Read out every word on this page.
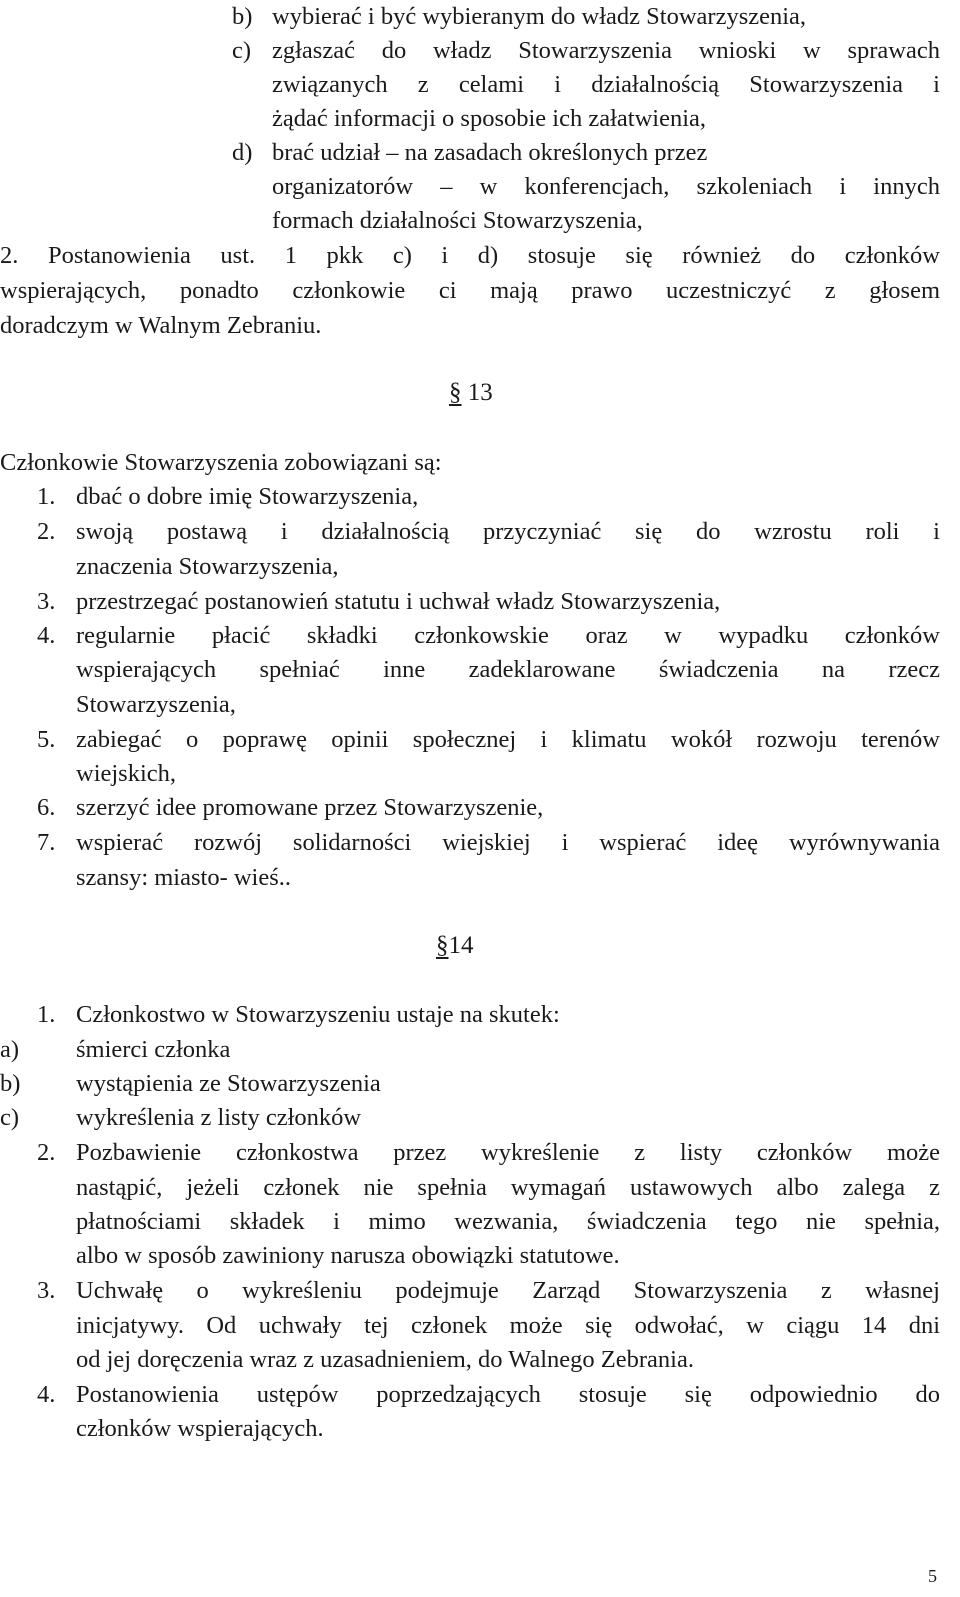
b) wybierać i być wybieranym do władz Stowarzyszenia,
c) zgłaszać do władz Stowarzyszenia wnioski w sprawach
związanych z celami i działalnością Stowarzyszenia i
żądać informacji o sposobie ich załatwienia,
d) brać udział – na zasadach określonych przez
organizatorów – w konferencjach, szkoleniach i innych
formach działalności Stowarzyszenia,
2. Postanowienia ust. 1 pkk c) i d) stosuje się również do członków
wspierających, ponadto członkowie ci mają prawo uczestniczyć z głosem
doradczym w Walnym Zebraniu.
§ 13
Członkowie Stowarzyszenia zobowiązani są:
1. dbać o dobre imię Stowarzyszenia,
2. swoją postawą i działalnością przyczyniać się do wzrostu roli i
znaczenia Stowarzyszenia,
3. przestrzegać postanowień statutu i uchwał władz Stowarzyszenia,
4. regularnie płacić składki członkowskie oraz w wypadku członków
wspierających spełniać inne zadeklarowane świadczenia na rzecz
Stowarzyszenia,
5. zabiegać o poprawę opinii społecznej i klimatu wokół rozwoju terenów
wiejskich,
6. szerzyć idee promowane przez Stowarzyszenie,
7. wspierać rozwój solidarności wiejskiej i wspierać ideę wyrównywania
szansy: miasto- wieś..
§14
1. Członkostwo w Stowarzyszeniu ustaje na skutek:
a) śmierci członka
b) wystąpienia ze Stowarzyszenia
c) wykreślenia z listy członków
2. Pozbawienie członkostwa przez wykreślenie z listy członków może
nastąpić, jeżeli członek nie spełnia wymagań ustawowych albo zalega z
płatnościami składek i mimo wezwania, świadczenia tego nie spełnia,
albo w sposób zawiniony narusza obowiązki statutowe.
3. Uchwałę o wykreśleniu podejmuje Zarząd Stowarzyszenia z własnej
inicjatywy. Od uchwały tej członek może się odwołać, w ciągu 14 dni
od jej doręczenia wraz z uzasadnieniem, do Walnego Zebrania.
4. Postanowienia ustępów poprzedzających stosuje się odpowiednio do
członków wspierających.
5
